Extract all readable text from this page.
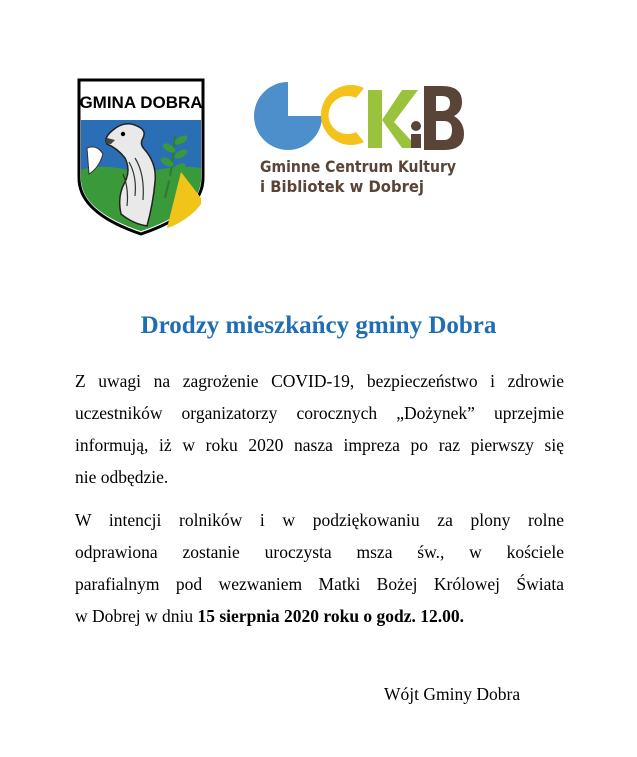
GMINA DOBRA
Gminne Centrum Kultury
i Bibliotek w Dobrej
Drodzy mieszkańcy gminy Dobra

Z uwagi na zagrożenie COVID-19, bezpieczeństwo i zdrowie
uczestników organizatorzy corocznych „Dożynek” uprzejmie
informują, iż w roku 2020 nasza impreza po raz pierwszy się
nie odbędzie.

W intencji rolników i w podziękowaniu za plony rolne
odprawiona zostanie uroczysta msza św., w kościele
parafialnym pod wezwaniem Matki Bożej Królowej Świata
w Dobrej w dniu 15 sierpnia 2020 roku o godz. 12.00.

Wójt Gminy Dobra
